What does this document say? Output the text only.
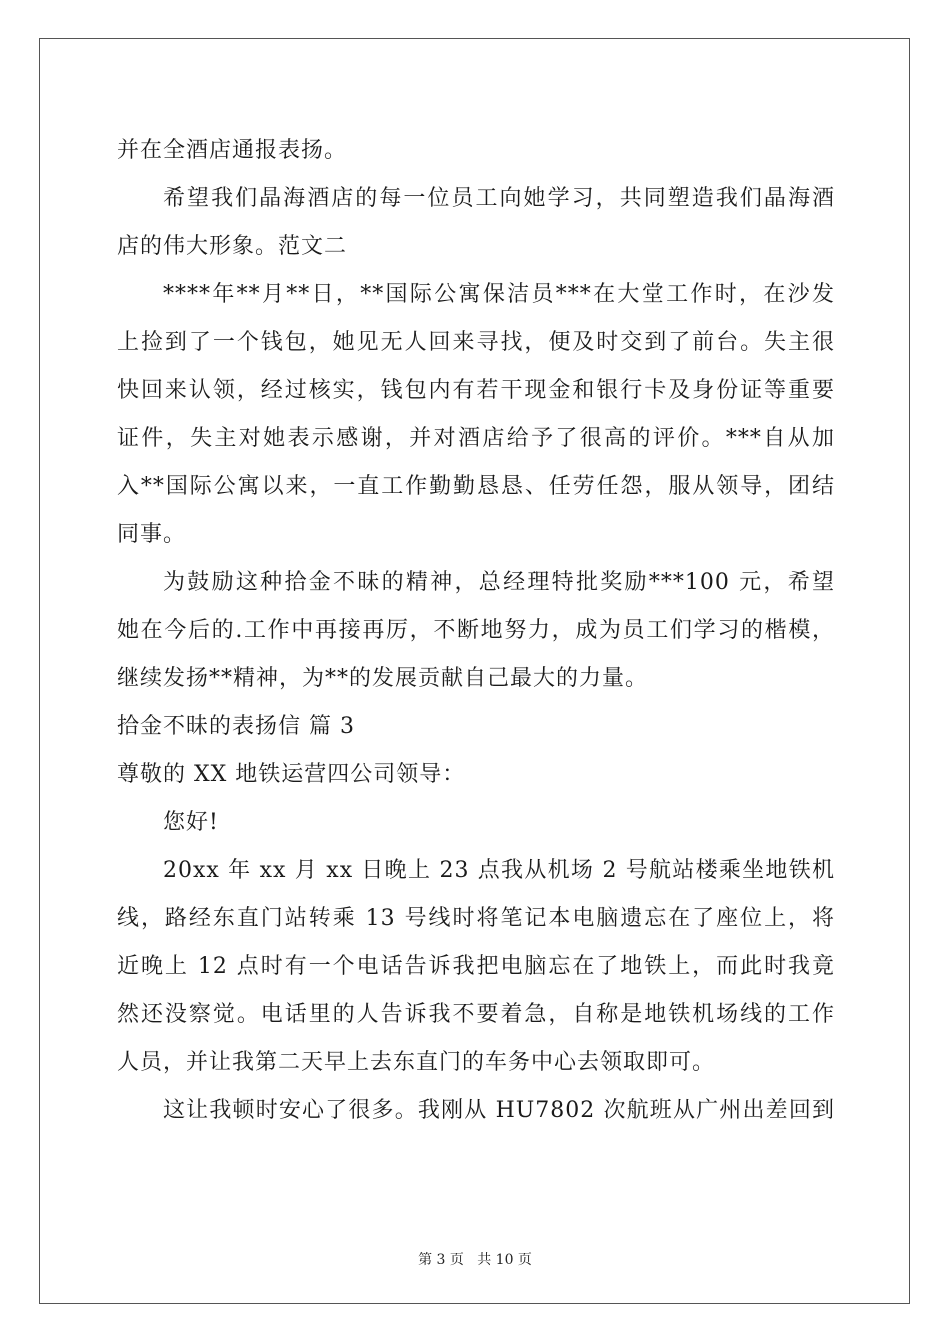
并在全酒店通报表扬。
希望我们晶海酒店的每一位员工向她学习，共同塑造我们晶海酒
店的伟大形象。范文二
****年**月**日，**国际公寓保洁员***在大堂工作时，在沙发
上捡到了一个钱包，她见无人回来寻找，便及时交到了前台。失主很
快回来认领，经过核实，钱包内有若干现金和银行卡及身份证等重要
证件，失主对她表示感谢，并对酒店给予了很高的评价。***自从加
入**国际公寓以来，一直工作勤勤恳恳、任劳任怨，服从领导，团结
同事。
为鼓励这种拾金不昧的精神，总经理特批奖励***100 元，希望
她在今后的.工作中再接再厉，不断地努力，成为员工们学习的楷模，
继续发扬**精神，为**的发展贡献自己最大的力量。
拾金不昧的表扬信 篇 3
尊敬的 XX 地铁运营四公司领导：
您好!
20xx 年 xx 月 xx 日晚上 23 点我从机场 2 号航站楼乘坐地铁机
线，路经东直门站转乘 13 号线时将笔记本电脑遗忘在了座位上，将
近晚上 12 点时有一个电话告诉我把电脑忘在了地铁上，而此时我竟
然还没察觉。电话里的人告诉我不要着急，自称是地铁机场线的工作
人员，并让我第二天早上去东直门的车务中心去领取即可。
这让我顿时安心了很多。我刚从 HU7802 次航班从广州出差回到
第 3 页   共 10 页
